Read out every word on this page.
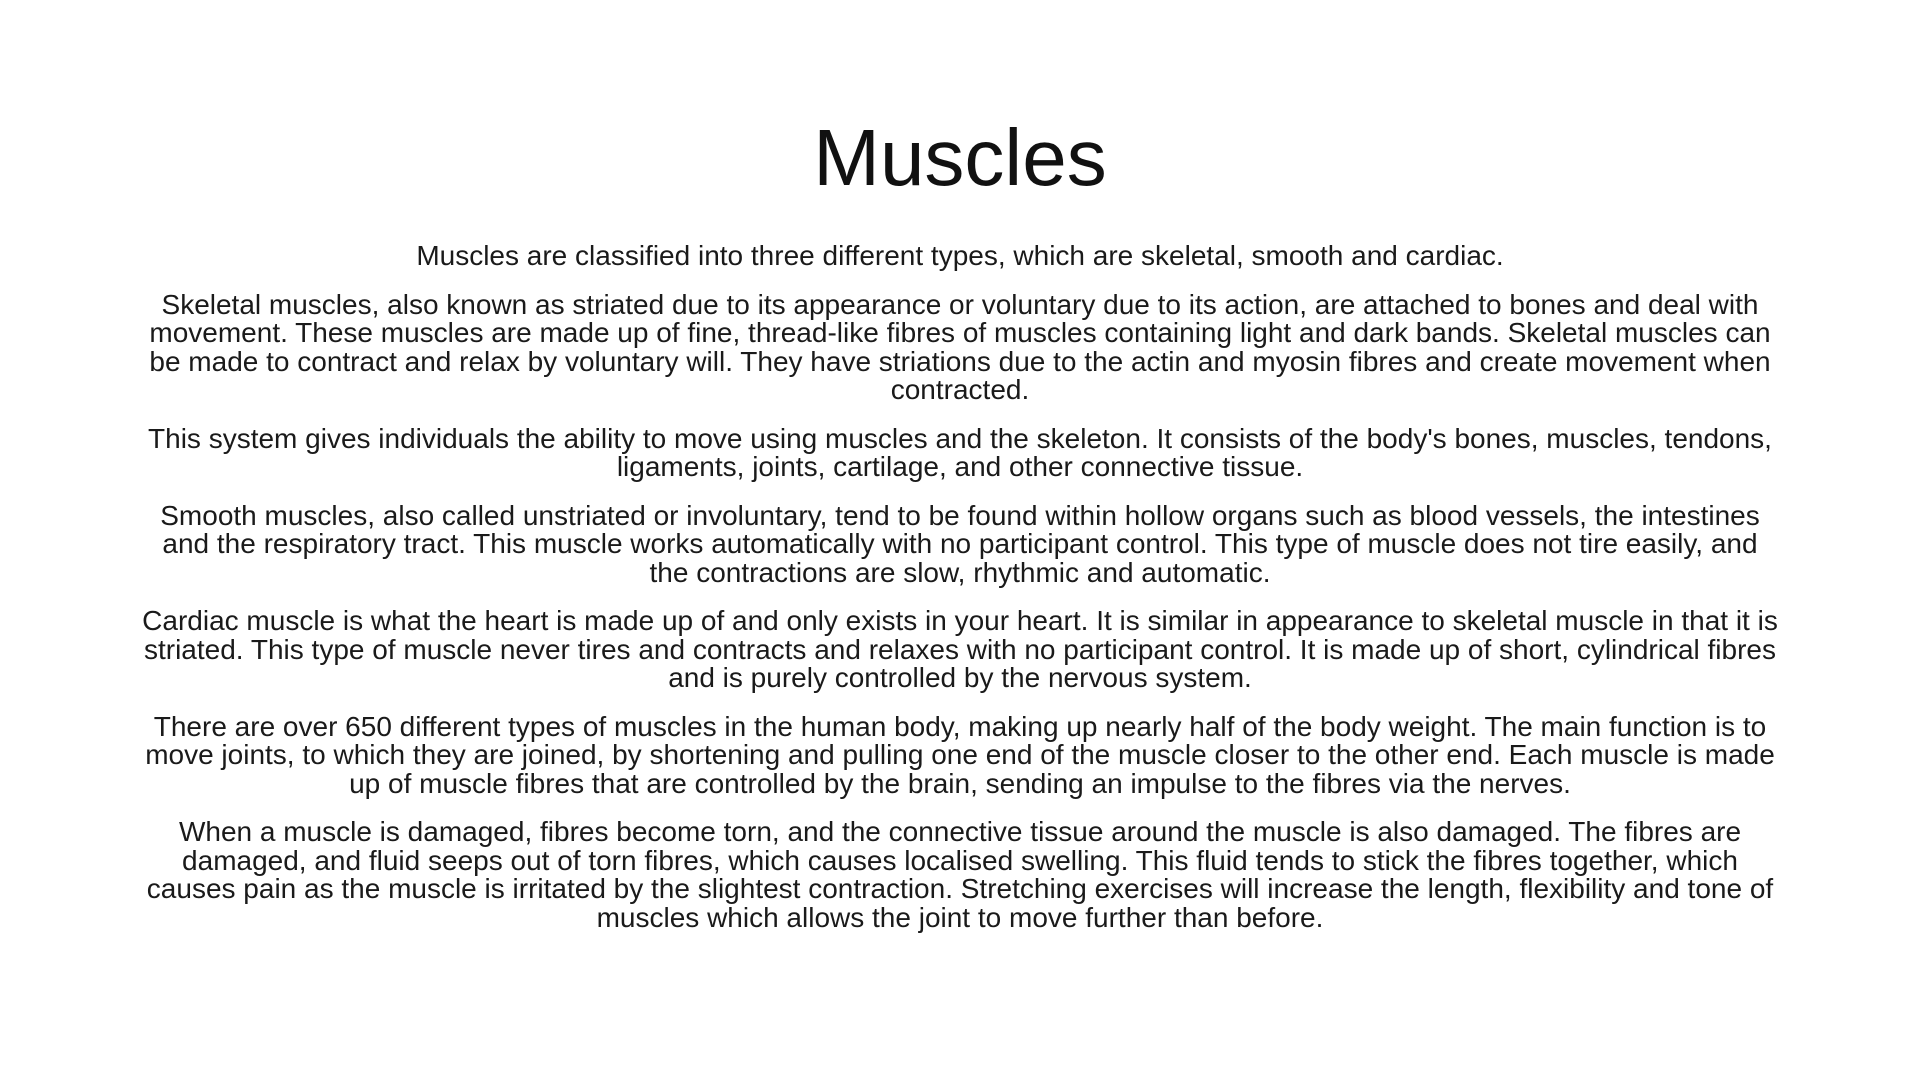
Muscles

Muscles are classified into three different types, which are skeletal, smooth and cardiac.

Skeletal muscles, also known as striated due to its appearance or voluntary due to its action, are attached to bones and deal with movement. These muscles are made up of fine, thread-like fibres of muscles containing light and dark bands. Skeletal muscles can be made to contract and relax by voluntary will. They have striations due to the actin and myosin fibres and create movement when contracted.

This system gives individuals the ability to move using muscles and the skeleton. It consists of the body's bones, muscles, tendons, ligaments, joints, cartilage, and other connective tissue.

Smooth muscles, also called unstriated or involuntary, tend to be found within hollow organs such as blood vessels, the intestines and the respiratory tract. This muscle works automatically with no participant control. This type of muscle does not tire easily, and the contractions are slow, rhythmic and automatic.

Cardiac muscle is what the heart is made up of and only exists in your heart. It is similar in appearance to skeletal muscle in that it is striated. This type of muscle never tires and contracts and relaxes with no participant control. It is made up of short, cylindrical fibres and is purely controlled by the nervous system.

There are over 650 different types of muscles in the human body, making up nearly half of the body weight. The main function is to move joints, to which they are joined, by shortening and pulling one end of the muscle closer to the other end. Each muscle is made up of muscle fibres that are controlled by the brain, sending an impulse to the fibres via the nerves.

When a muscle is damaged, fibres become torn, and the connective tissue around the muscle is also damaged. The fibres are damaged, and fluid seeps out of torn fibres, which causes localised swelling. This fluid tends to stick the fibres together, which causes pain as the muscle is irritated by the slightest contraction. Stretching exercises will increase the length, flexibility and tone of muscles which allows the joint to move further than before.
